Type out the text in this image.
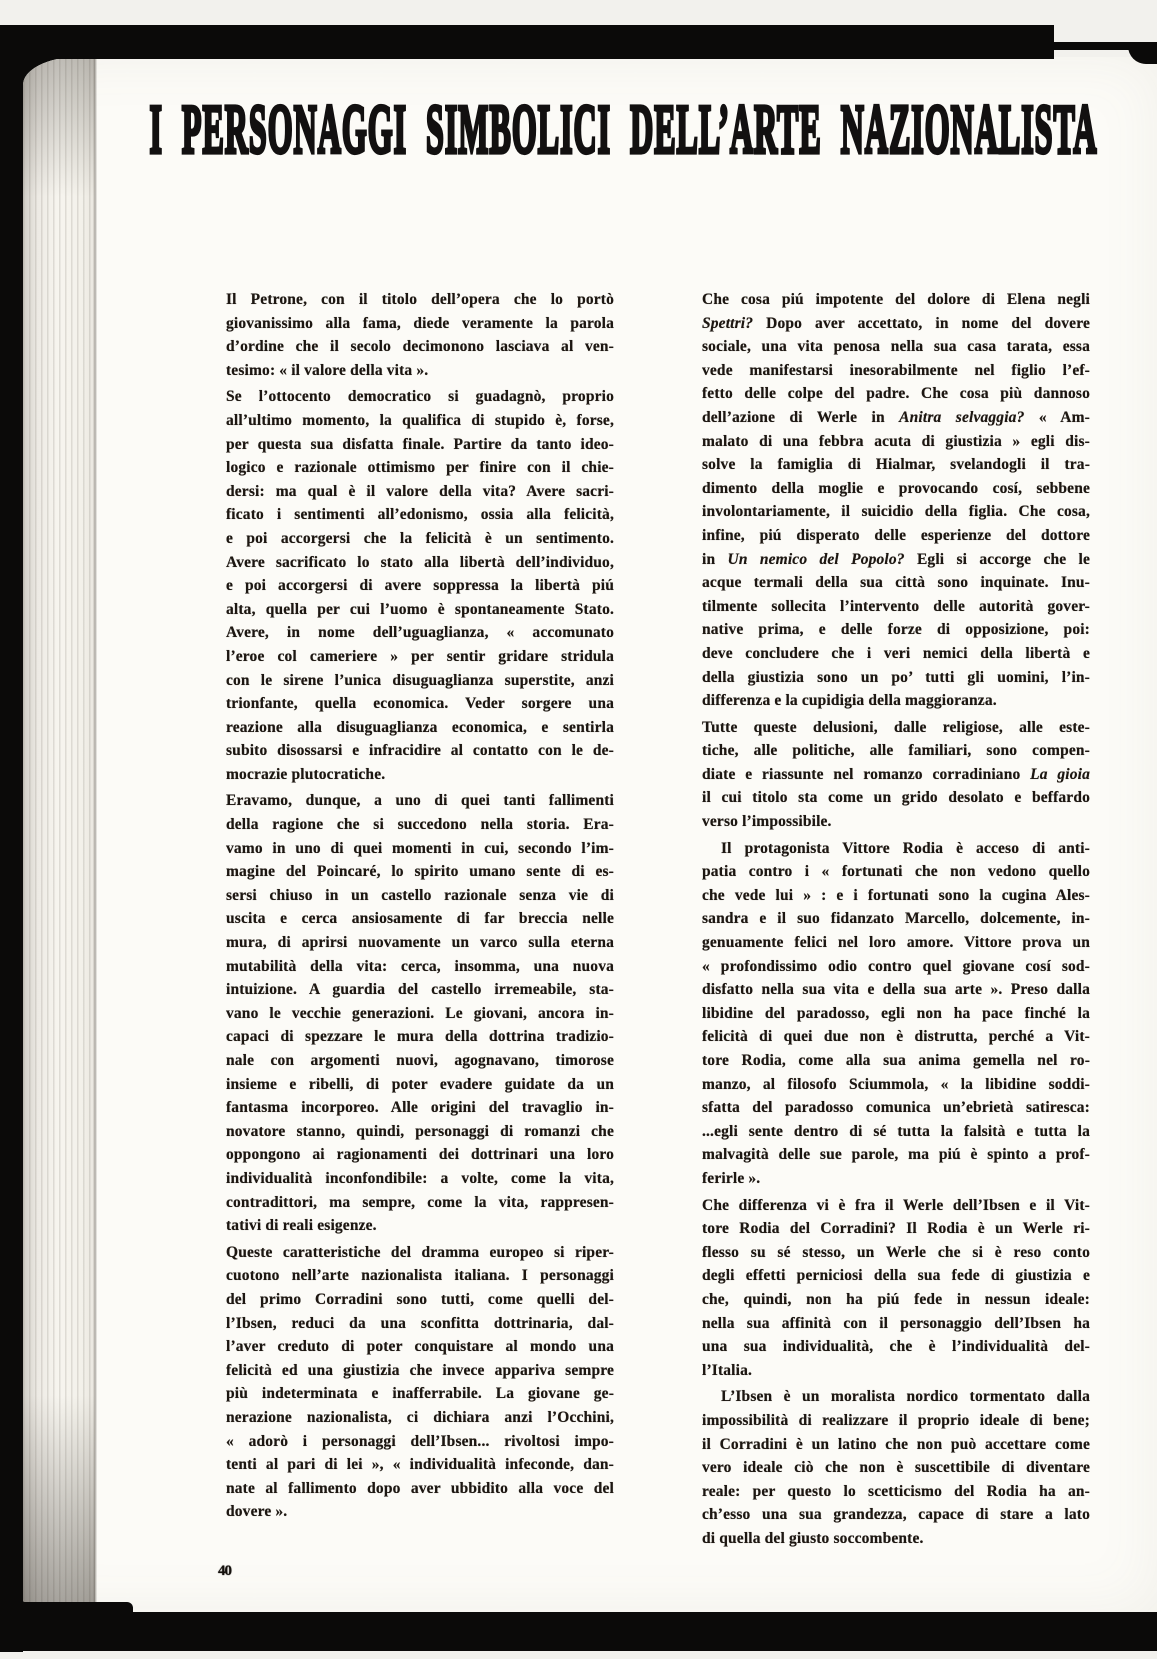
I PERSONAGGI SIMBOLICI DELL’ARTE NAZIONALISTA
Il Petrone, con il titolo dell’opera che lo portò
giovanissimo alla fama, diede veramente la parola
d’ordine che il secolo decimonono lasciava al ven-
tesimo: « il valore della vita ».
Se l’ottocento democratico si guadagnò, proprio
all’ultimo momento, la qualifica di stupido è, forse,
per questa sua disfatta finale. Partire da tanto ideo-
logico e razionale ottimismo per finire con il chie-
dersi: ma qual è il valore della vita? Avere sacri-
ficato i sentimenti all’edonismo, ossia alla felicità,
e poi accorgersi che la felicità è un sentimento.
Avere sacrificato lo stato alla libertà dell’individuo,
e poi accorgersi di avere soppressa la libertà piú
alta, quella per cui l’uomo è spontaneamente Stato.
Avere, in nome dell’uguaglianza, « accomunato
l’eroe col cameriere » per sentir gridare stridula
con le sirene l’unica disuguaglianza superstite, anzi
trionfante, quella economica. Veder sorgere una
reazione alla disuguaglianza economica, e sentirla
subito disossarsi e infracidire al contatto con le de-
mocrazie plutocratiche.
Eravamo, dunque, a uno di quei tanti fallimenti
della ragione che si succedono nella storia. Era-
vamo in uno di quei momenti in cui, secondo l’im-
magine del Poincaré, lo spirito umano sente di es-
sersi chiuso in un castello razionale senza vie di
uscita e cerca ansiosamente di far breccia nelle
mura, di aprirsi nuovamente un varco sulla eterna
mutabilità della vita: cerca, insomma, una nuova
intuizione. A guardia del castello irremeabile, sta-
vano le vecchie generazioni. Le giovani, ancora in-
capaci di spezzare le mura della dottrina tradizio-
nale con argomenti nuovi, agognavano, timorose
insieme e ribelli, di poter evadere guidate da un
fantasma incorporeo. Alle origini del travaglio in-
novatore stanno, quindi, personaggi di romanzi che
oppongono ai ragionamenti dei dottrinari una loro
individualità inconfondibile: a volte, come la vita,
contradittori, ma sempre, come la vita, rappresen-
tativi di reali esigenze.
Queste caratteristiche del dramma europeo si riper-
cuotono nell’arte nazionalista italiana. I personaggi
del primo Corradini sono tutti, come quelli del-
l’Ibsen, reduci da una sconfitta dottrinaria, dal-
l’aver creduto di poter conquistare al mondo una
felicità ed una giustizia che invece appariva sempre
più indeterminata e inafferrabile. La giovane ge-
nerazione nazionalista, ci dichiara anzi l’Occhini,
« adorò i personaggi dell’Ibsen... rivoltosi impo-
tenti al pari di lei », « individualità infeconde, dan-
nate al fallimento dopo aver ubbidito alla voce del
dovere ».
Che cosa piú impotente del dolore di Elena negli
Spettri? Dopo aver accettato, in nome del dovere
sociale, una vita penosa nella sua casa tarata, essa
vede manifestarsi inesorabilmente nel figlio l’ef-
fetto delle colpe del padre. Che cosa più dannoso
dell’azione di Werle in Anitra selvaggia? « Am-
malato di una febbra acuta di giustizia » egli dis-
solve la famiglia di Hialmar, svelandogli il tra-
dimento della moglie e provocando cosí, sebbene
involontariamente, il suicidio della figlia. Che cosa,
infine, piú disperato delle esperienze del dottore
in Un nemico del Popolo? Egli si accorge che le
acque termali della sua città sono inquinate. Inu-
tilmente sollecita l’intervento delle autorità gover-
native prima, e delle forze di opposizione, poi:
deve concludere che i veri nemici della libertà e
della giustizia sono un po’ tutti gli uomini, l’in-
differenza e la cupidigia della maggioranza.
Tutte queste delusioni, dalle religiose, alle este-
tiche, alle politiche, alle familiari, sono compen-
diate e riassunte nel romanzo corradiniano La gioia
il cui titolo sta come un grido desolato e beffardo
verso l’impossibile.
Il protagonista Vittore Rodia è acceso di anti-
patia contro i « fortunati che non vedono quello
che vede lui » : e i fortunati sono la cugina Ales-
sandra e il suo fidanzato Marcello, dolcemente, in-
genuamente felici nel loro amore. Vittore prova un
« profondissimo odio contro quel giovane cosí sod-
disfatto nella sua vita e della sua arte ». Preso dalla
libidine del paradosso, egli non ha pace finché la
felicità di quei due non è distrutta, perché a Vit-
tore Rodia, come alla sua anima gemella nel ro-
manzo, al filosofo Sciummola, « la libidine soddi-
sfatta del paradosso comunica un’ebrietà satiresca:
...egli sente dentro di sé tutta la falsità e tutta la
malvagità delle sue parole, ma piú è spinto a prof-
ferirle ».
Che differenza vi è fra il Werle dell’Ibsen e il Vit-
tore Rodia del Corradini? Il Rodia è un Werle ri-
flesso su sé stesso, un Werle che si è reso conto
degli effetti perniciosi della sua fede di giustizia e
che, quindi, non ha piú fede in nessun ideale:
nella sua affinità con il personaggio dell’Ibsen ha
una sua individualità, che è l’individualità del-
l’Italia.
L’Ibsen è un moralista nordico tormentato dalla
impossibilità di realizzare il proprio ideale di bene;
il Corradini è un latino che non può accettare come
vero ideale ciò che non è suscettibile di diventare
reale: per questo lo scetticismo del Rodia ha an-
ch’esso una sua grandezza, capace di stare a lato
di quella del giusto soccombente.
40
